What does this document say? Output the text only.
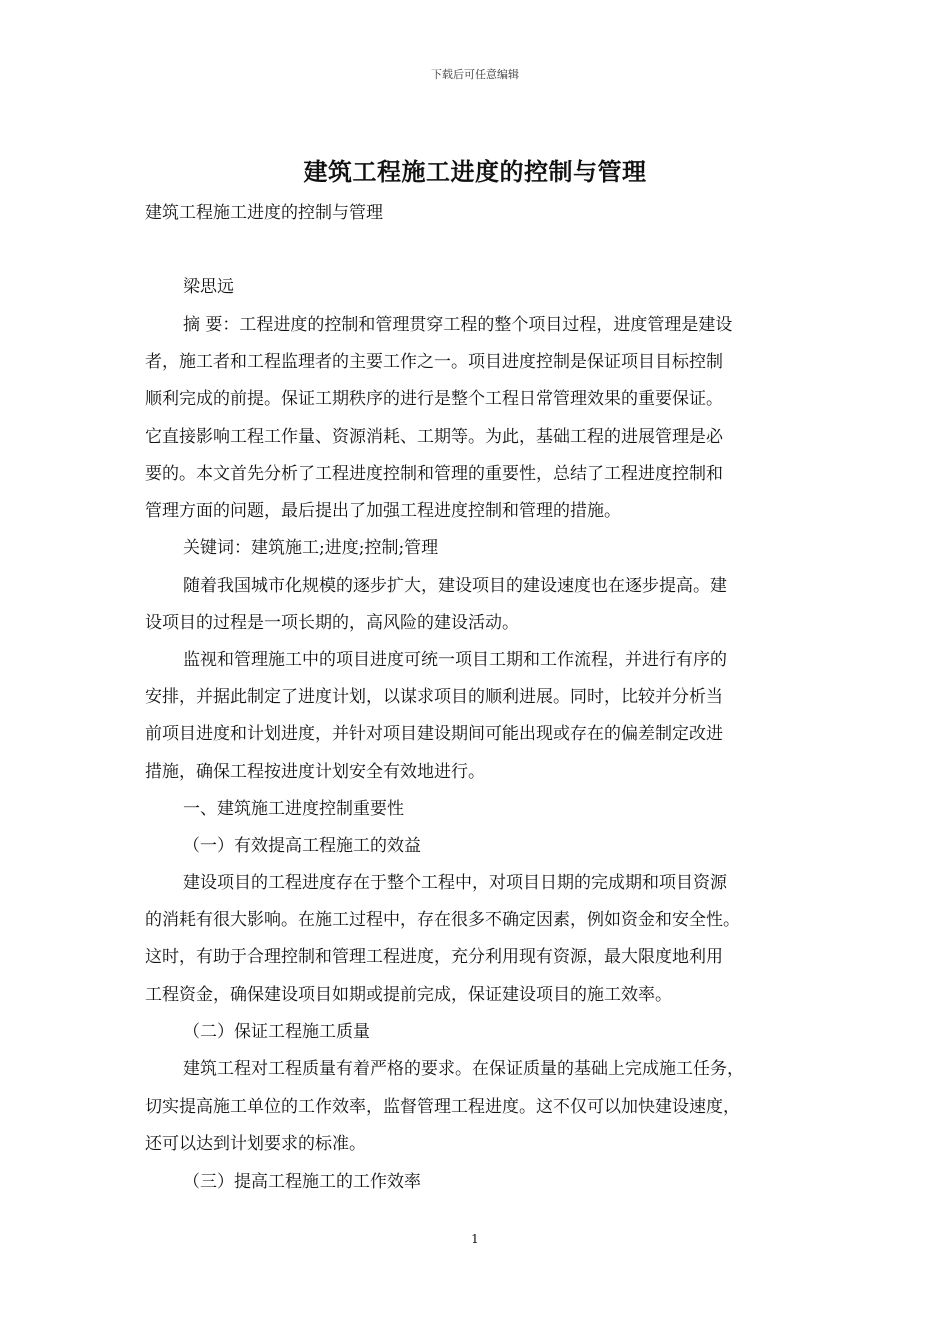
下载后可任意编辑
建筑工程施工进度的控制与管理
建筑工程施工进度的控制与管理
梁思远
摘 要：工程进度的控制和管理贯穿工程的整个项目过程，进度管理是建设
者，施工者和工程监理者的主要工作之一。项目进度控制是保证项目目标控制
顺利完成的前提。保证工期秩序的进行是整个工程日常管理效果的重要保证。
它直接影响工程工作量、资源消耗、工期等。为此，基础工程的进展管理是必
要的。本文首先分析了工程进度控制和管理的重要性，总结了工程进度控制和
管理方面的问题，最后提出了加强工程进度控制和管理的措施。
关键词：建筑施工;进度;控制;管理
随着我国城市化规模的逐步扩大，建设项目的建设速度也在逐步提高。建
设项目的过程是一项长期的，高风险的建设活动。
监视和管理施工中的项目进度可统一项目工期和工作流程，并进行有序的
安排，并据此制定了进度计划，以谋求项目的顺利进展。同时，比较并分析当
前项目进度和计划进度，并针对项目建设期间可能出现或存在的偏差制定改进
措施，确保工程按进度计划安全有效地进行。
一、建筑施工进度控制重要性
（一）有效提高工程施工的效益
建设项目的工程进度存在于整个工程中，对项目日期的完成期和项目资源
的消耗有很大影响。在施工过程中，存在很多不确定因素，例如资金和安全性。
这时，有助于合理控制和管理工程进度，充分利用现有资源，最大限度地利用
工程资金，确保建设项目如期或提前完成，保证建设项目的施工效率。
（二）保证工程施工质量
建筑工程对工程质量有着严格的要求。在保证质量的基础上完成施工任务，
切实提高施工单位的工作效率，监督管理工程进度。这不仅可以加快建设速度，
还可以达到计划要求的标准。
（三）提高工程施工的工作效率
1
